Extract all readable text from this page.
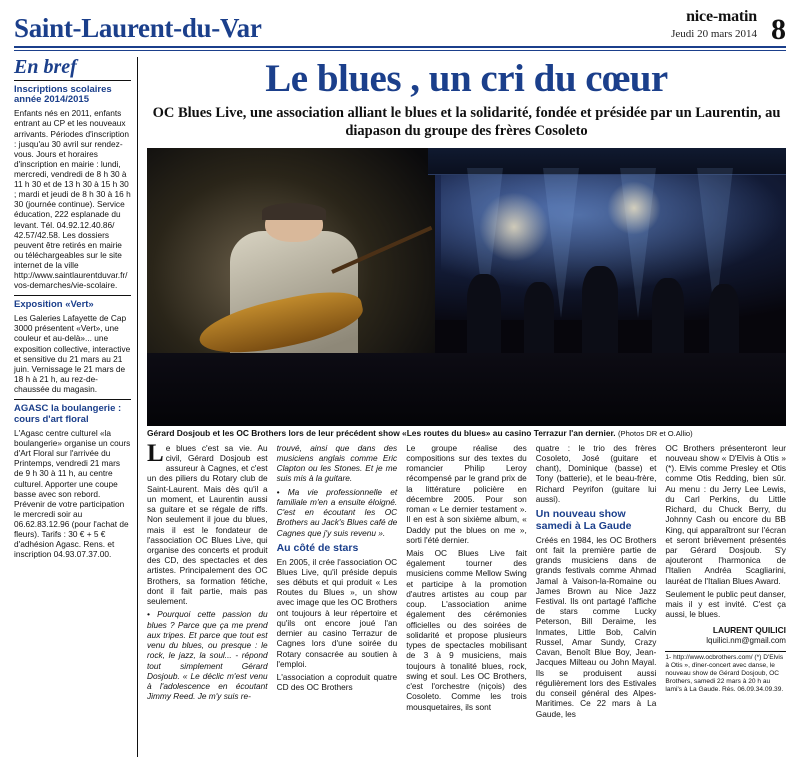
Saint-Laurent-du-Var	nice-matin
Jeudi 20 mars 2014 8
En bref
Inscriptions scolaires année 2014/2015

Enfants nés en 2011, enfants entrant au CP et les nouveaux arrivants. Périodes d'inscription : jusqu'au 30 avril sur rendez-vous. Jours et horaires d'inscription en mairie : lundi, mercredi, vendredi de 8 h 30 à 11 h 30 et de 13 h 30 à 15 h 30 ; mardi et jeudi de 8 h 30 à 16 h 30 (journée continue). Service éducation, 222 esplanade du levant. Tél. 04.92.12.40.86/ 42.57/42.58. Les dossiers peuvent être retirés en mairie ou téléchargeables sur le site internet de la ville http://www.saintlaurentduvar.fr/vos-demarches/vie-scolaire.

Exposition «Vert»

Les Galeries Lafayette de Cap 3000 présentent «Vert», une couleur et au-delà»... une exposition collective, interactive et sensitive du 21 mars au 21 juin. Vernissage le 21 mars de 18 h à 21 h, au rez-de-chaussée du magasin.

AGASC la boulangerie : cours d'art floral

L'Agasc centre culturel «la boulangerie» organise un cours d'Art Floral sur l'arrivée du Printemps, vendredi 21 mars de 9 h 30 à 11 h, au centre culturel. Apporter une coupe basse avec son rebord. Prévenir de votre participation le mercredi soir au 06.62.83.12.96 (pour l'achat de fleurs). Tarifs : 30 € + 5 € d'adhésion Agasc. Rens. et inscription 04.93.07.37.00.

Le blues , un cri du cœur
OC Blues Live, une association alliant le blues et la solidarité, fondée et présidée par un Laurentin, au diapason du groupe des frères Cosoleto
Gérard Dosjoub et les OC Brothers lors de leur précédent show «Les routes du blues» au casino Terrazur l'an dernier. (Photos DR et O.Allio)

Le blues c'est sa vie. Au civil, Gérard Dosjoub est assureur à Cagnes, et c'est un des piliers du Rotary club de Saint-Laurent. Mais dès qu'il a un moment, et Laurentin aussi sa guitare et se régale de riffs. Non seulement il joue du blues, mais il est le fondateur de l'association OC Blues Live, qui organise des concerts et produit des CD, des spectacles et des artistes. Principalement des OC Brothers, sa formation fétiche, dont il fait partie, mais pas seulement.

• Pourquoi cette passion du blues ? Parce que ça me prend aux tripes. Et parce que tout est venu du blues, ou presque : le rock, le jazz, la soul... - répond tout simplement Gérard Dosjoub. « Le déclic m'est venu à l'adolescence en écoutant Jimmy Reed. Je m'y suis re-

trouvé, ainsi que dans des musiciens anglais comme Eric Clapton ou les Stones. Et je me suis mis à la guitare.

• Ma vie professionnelle et familiale m'en a ensuite éloigné. C'est en écoutant les OC Brothers au Jack's Blues café de Cagnes que j'y suis revenu ».

Au côté de stars

En 2005, il crée l'association OC Blues Live, qu'il préside depuis ses débuts et qui produit « Les Routes du Blues », un show avec image que les OC Brothers ont toujours à leur répertoire et qu'ils ont encore joué l'an dernier au casino Terrazur de Cagnes lors d'une soirée du Rotary consacrée au soutien à l'emploi.

L'association a coproduit quatre CD des OC Brothers

Le groupe réalise des compositions sur des textes du romancier Philip Leroy récompensé par le grand prix de la littérature policière en décembre 2005. Pour son roman « Le dernier testament ». Il en est à son sixième album, « Daddy put the blues on me », sorti l'été dernier.

Mais OC Blues Live fait également tourner des musiciens comme Mellow Swing et participe à la promotion d'autres artistes au coup par coup. L'association anime également des cérémonies officielles ou des soirées de solidarité et propose plusieurs types de spectacles mobilisant de 3 à 9 musiciens, mais toujours à tonalité blues, rock, swing et soul. Les OC Brothers, c'est l'orchestre (niçois) des Cosoleto. Comme les trois mousquetaires, ils sont

quatre : le trio des frères Cosoleto, José (guitare et chant), Dominique (basse) et Tony (batterie), et le beau-frère, Richard Peyrifon (guitare lui aussi).

Un nouveau show samedi à La Gaude

Créés en 1984, les OC Brothers ont fait la première partie de grands musiciens dans de grands festivals comme Ahmad Jamal à Vaison-la-Romaine ou James Brown au Nice Jazz Festival. Ils ont partagé l'affiche de stars comme Lucky Peterson, Bill Deraime, les Inmates, Little Bob, Calvin Russel, Amar Sundy, Crazy Cavan, Benoît Blue Boy, Jean-Jacques Milteau ou John Mayal. Ils se produisent aussi régulièrement lors des Estivales du conseil général des Alpes-Maritimes. Ce 22 mars à La Gaude, les

OC Brothers présenteront leur nouveau show « D'Elvis à Otis » (*). Elvis comme Presley et Otis comme Otis Redding, bien sûr. Au menu : du Jerry Lee Lewis, du Carl Perkins, du Little Richard, du Chuck Berry, du Johnny Cash ou encore du BB King, qui apparaîtront sur l'écran et seront brièvement présentés par Gérard Dosjoub. S'y ajouteront l'harmonica de l'Italien Andréa Scagliarini, lauréat de l'Italian Blues Award.

Seulement le public peut danser, mais il y est invité. C'est ça aussi, le blues.

LAURENT QUILICI
lquilici.nm@gmail.com
1- http://www.ocbrothers.com/ (*) D'Elvis à Otis », dîner-concert avec danse, le nouveau show de Gérard Dosjoub, OC Brothers, samedi 22 mars à 20 h au lami's à La Gaude. Rés. 06.09.34.09.39.
